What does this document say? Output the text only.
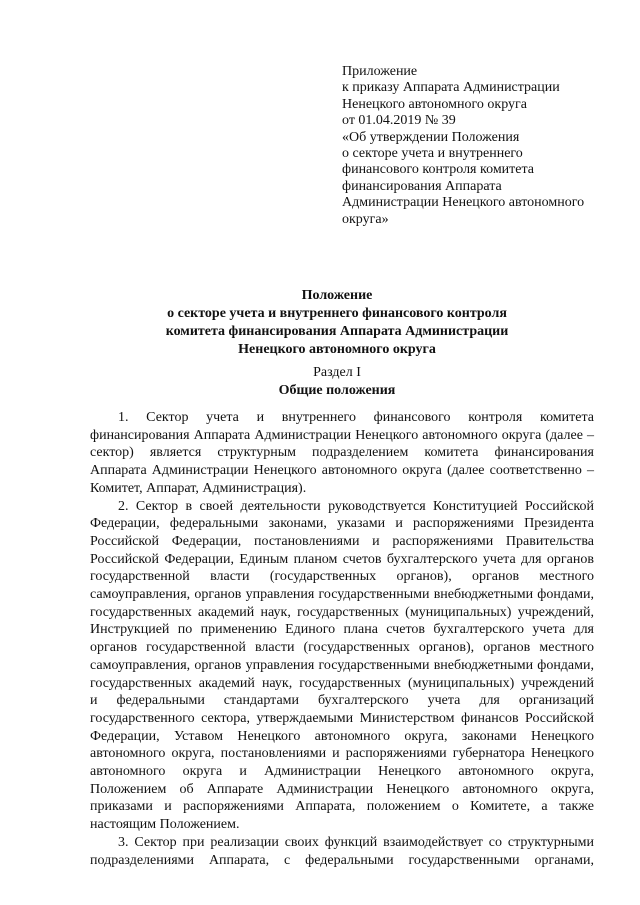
Приложение
к приказу Аппарата Администрации
Ненецкого автономного округа
от 01.04.2019 № 39
«Об утверждении Положения
о секторе учета и внутреннего
финансового контроля комитета
финансирования Аппарата
Администрации Ненецкого автономного
округа»
Положение
о секторе учета и внутреннего финансового контроля
комитета финансирования Аппарата Администрации
Ненецкого автономного округа
Раздел I
Общие положения
1. Сектор учета и внутреннего финансового контроля комитета
финансирования Аппарата Администрации Ненецкого автономного округа (далее –
сектор) является структурным подразделением комитета финансирования
Аппарата Администрации Ненецкого автономного округа (далее соответственно –
Комитет, Аппарат, Администрация).
2. Сектор в своей деятельности руководствуется Конституцией Российской
Федерации, федеральными законами, указами и распоряжениями Президента
Российской Федерации, постановлениями и распоряжениями Правительства
Российской Федерации, Единым планом счетов бухгалтерского учета для органов
государственной власти (государственных органов), органов местного
самоуправления, органов управления государственными внебюджетными фондами,
государственных академий наук, государственных (муниципальных) учреждений,
Инструкцией по применению Единого плана счетов бухгалтерского учета для
органов государственной власти (государственных органов), органов местного
самоуправления, органов управления государственными внебюджетными фондами,
государственных академий наук, государственных (муниципальных) учреждений
и федеральными стандартами бухгалтерского учета для организаций
государственного сектора, утверждаемыми Министерством финансов Российской
Федерации, Уставом Ненецкого автономного округа, законами Ненецкого
автономного округа, постановлениями и распоряжениями губернатора Ненецкого
автономного округа и Администрации Ненецкого автономного округа,
Положением об Аппарате Администрации Ненецкого автономного округа,
приказами и распоряжениями Аппарата, положением о Комитете, а также
настоящим Положением.
3. Сектор при реализации своих функций взаимодействует со структурными
подразделениями Аппарата, с федеральными государственными органами,
